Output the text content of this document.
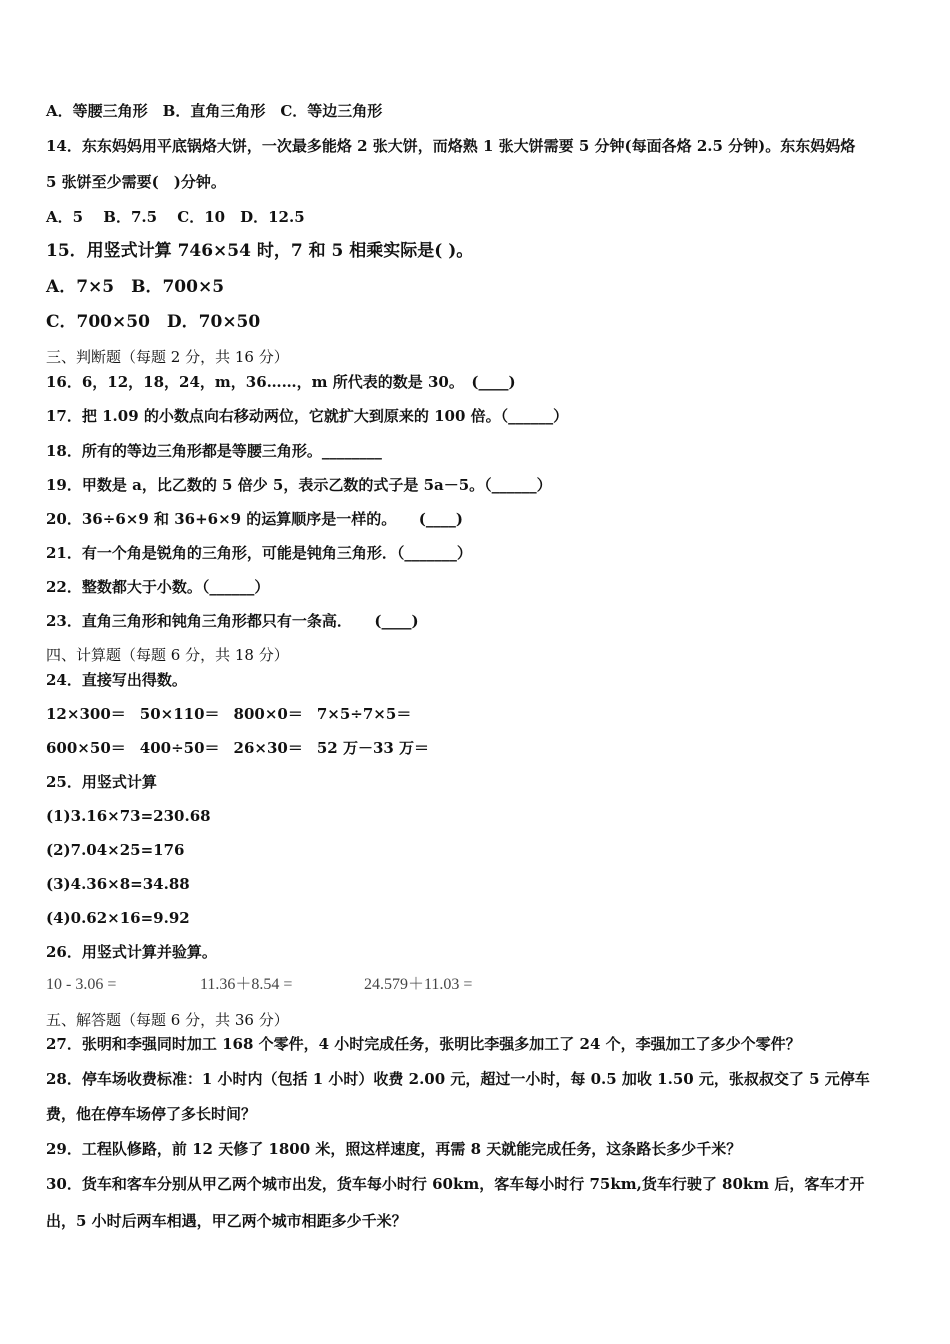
A．等腰三角形　B．直角三角形　C．等边三角形
14．东东妈妈用平底锅烙大饼，一次最多能烙 2 张大饼，而烙熟 1 张大饼需要 5 分钟(每面各烙 2.5 分钟)。东东妈妈烙
5 张饼至少需要(　)分钟。
A．5　 B．7.5　 C．10　D．12.5
15．用竖式计算 746×54 时，7 和 5 相乘实际是( )。
A．7×5　B．700×5
C．700×50　D．70×50
三、判断题（每题 2 分，共 16 分）
16．6，12，18，24，m，36……，m 所代表的数是 30。　(____)
17．把 1.09 的小数点向右移动两位，它就扩大到原来的 100 倍。（______）
18．所有的等边三角形都是等腰三角形。________
19．甲数是 a，比乙数的 5 倍少 5，表示乙数的式子是 5a－5。（______）
20．36÷6×9 和 36+6×9 的运算顺序是一样的。　　(____)
21．有一个角是锐角的三角形，可能是钝角三角形．（_______）
22．整数都大于小数。（______）
23．直角三角形和钝角三角形都只有一条高．　　(____)
四、计算题（每题 6 分，共 18 分）
24．直接写出得数。
12×300＝ 50×110＝ 800×0＝ 7×5÷7×5＝
600×50＝ 400÷50＝ 26×30＝ 52 万－33 万＝
25．用竖式计算
(1)3.16×73=230.68
(2)7.04×25=176
(3)4.36×8=34.88
(4)0.62×16=9.92
26．用竖式计算并验算。
10 - 3.06 =	11.36＋8.54 =	24.579＋11.03 =
五、解答题（每题 6 分，共 36 分）
27．张明和李强同时加工 168 个零件，4 小时完成任务，张明比李强多加工了 24 个，李强加工了多少个零件？
28．停车场收费标准：1 小时内（包括 1 小时）收费 2.00 元，超过一小时，每 0.5 加收 1.50 元，张叔叔交了 5 元停车
费，他在停车场停了多长时间？
29．工程队修路，前 12 天修了 1800 米，照这样速度，再需 8 天就能完成任务，这条路长多少千米？
30．货车和客车分别从甲乙两个城市出发，货车每小时行 60km，客车每小时行 75km,货车行驶了 80km 后，客车才开
出，5 小时后两车相遇，甲乙两个城市相距多少千米？
